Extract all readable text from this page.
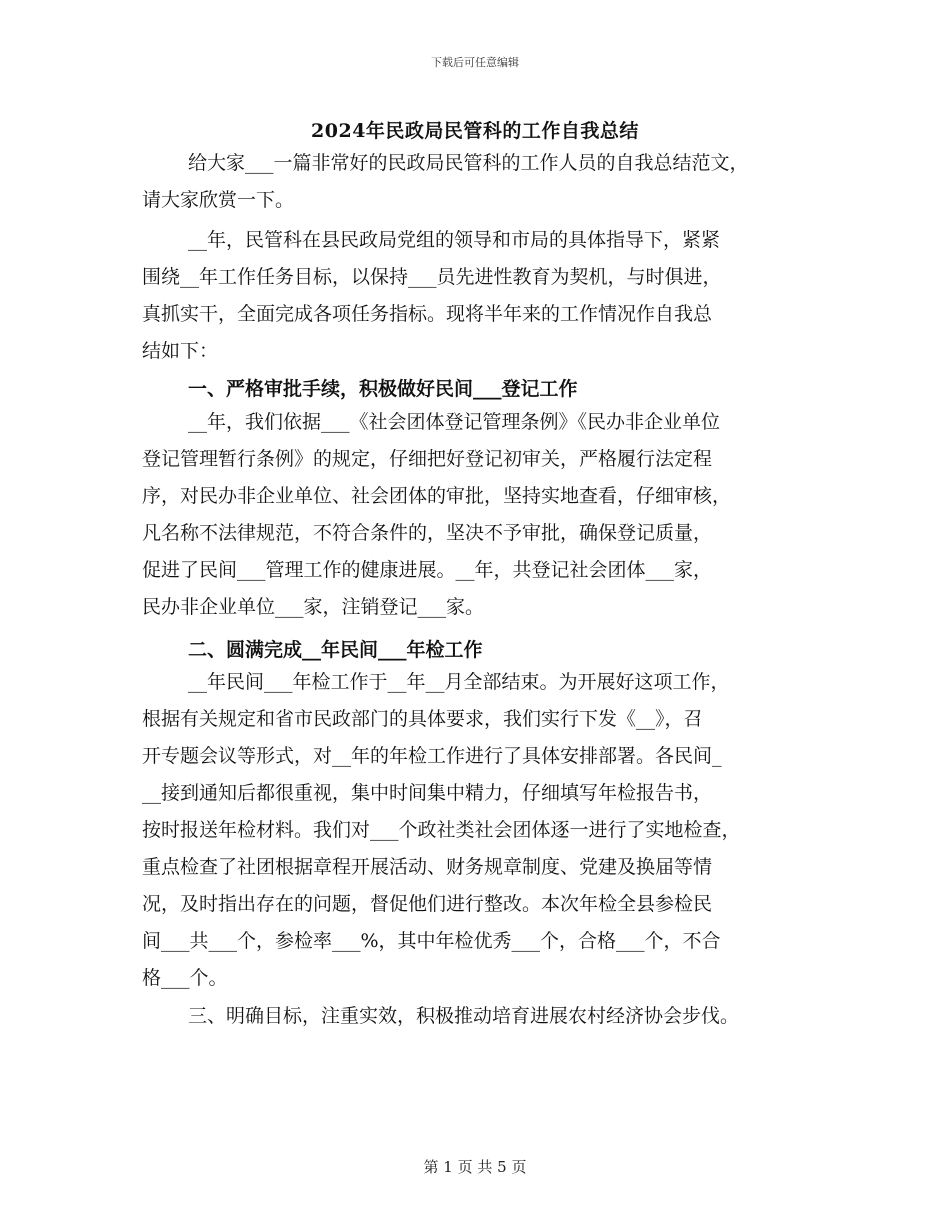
下载后可任意编辑
2024年民政局民管科的工作自我总结
给大家___一篇非常好的民政局民管科的工作人员的自我总结范文，
请大家欣赏一下。
__年，民管科在县民政局党组的领导和市局的具体指导下，紧紧
围绕__年工作任务目标，以保持___员先进性教育为契机，与时俱进，
真抓实干，全面完成各项任务指标。现将半年来的工作情况作自我总
结如下：
一、严格审批手续，积极做好民间___登记工作
__年，我们依据___《社会团体登记管理条例》《民办非企业单位
登记管理暂行条例》的规定，仔细把好登记初审关，严格履行法定程
序，对民办非企业单位、社会团体的审批，坚持实地查看，仔细审核，
凡名称不法律规范，不符合条件的，坚决不予审批，确保登记质量，
促进了民间___管理工作的健康进展。__年，共登记社会团体___家，
民办非企业单位___家，注销登记___家。
二、圆满完成__年民间___年检工作
__年民间___年检工作于__年__月全部结束。为开展好这项工作，
根据有关规定和省市民政部门的具体要求，我们实行下发《__》，召
开专题会议等形式，对__年的年检工作进行了具体安排部署。各民间_
__接到通知后都很重视，集中时间集中精力，仔细填写年检报告书，
按时报送年检材料。我们对___个政社类社会团体逐一进行了实地检查，
重点检查了社团根据章程开展活动、财务规章制度、党建及换届等情
况，及时指出存在的问题，督促他们进行整改。本次年检全县参检民
间___共___个，参检率___%，其中年检优秀___个，合格___个，不合
格___个。
三、明确目标，注重实效，积极推动培育进展农村经济协会步伐。
第 1 页 共 5 页
